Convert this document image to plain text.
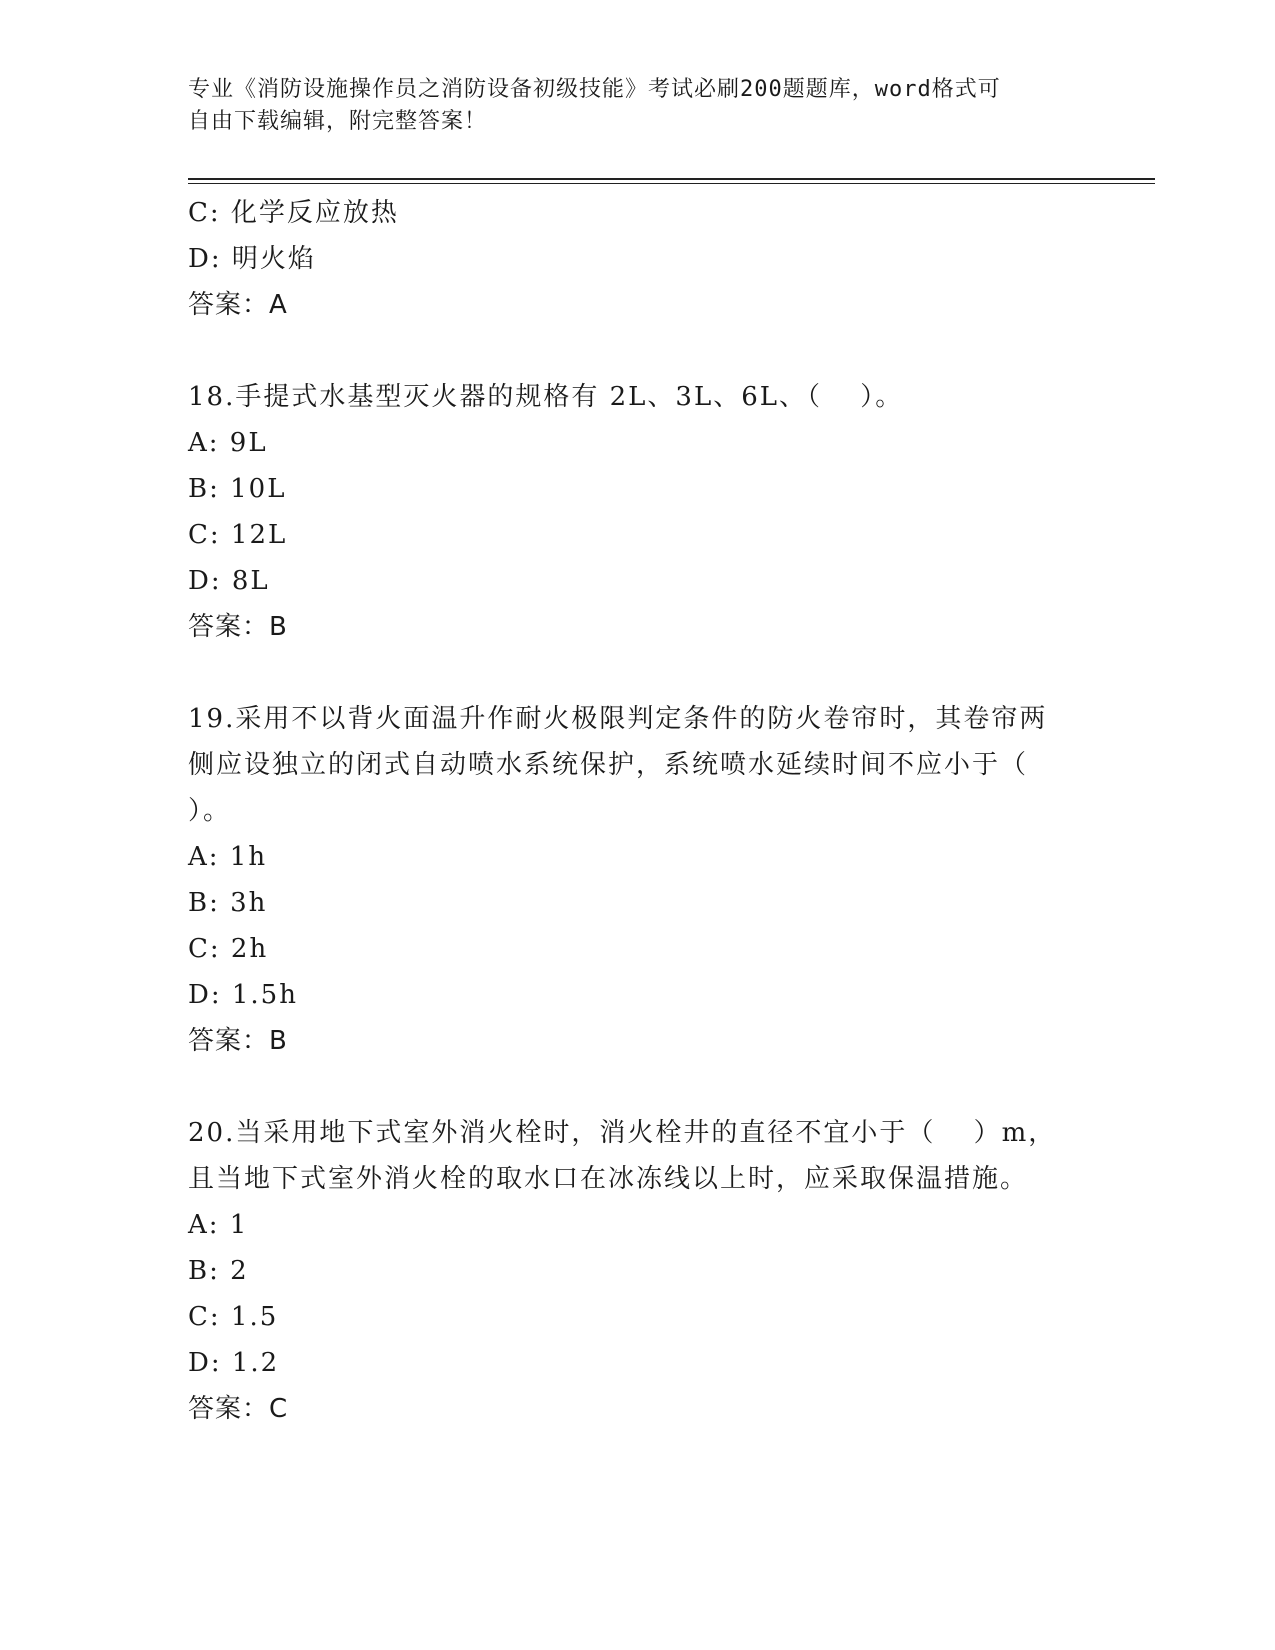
专业《消防设施操作员之消防设备初级技能》考试必刷200题题库，word格式可
自由下载编辑，附完整答案！
C: 化学反应放热
D: 明火焰
答案：A
18.手提式水基型灭火器的规格有 2L、3L、6L、（　 ）。
A: 9L
B: 10L
C: 12L
D: 8L
答案：B
19.采用不以背火面温升作耐火极限判定条件的防火卷帘时，其卷帘两
侧应设独立的闭式自动喷水系统保护，系统喷水延续时间不应小于（
）。
A: 1h
B: 3h
C: 2h
D: 1.5h
答案：B
20.当采用地下式室外消火栓时，消火栓井的直径不宜小于（　 ）m，
且当地下式室外消火栓的取水口在冰冻线以上时，应采取保温措施。
A: 1
B: 2
C: 1.5
D: 1.2
答案：C
